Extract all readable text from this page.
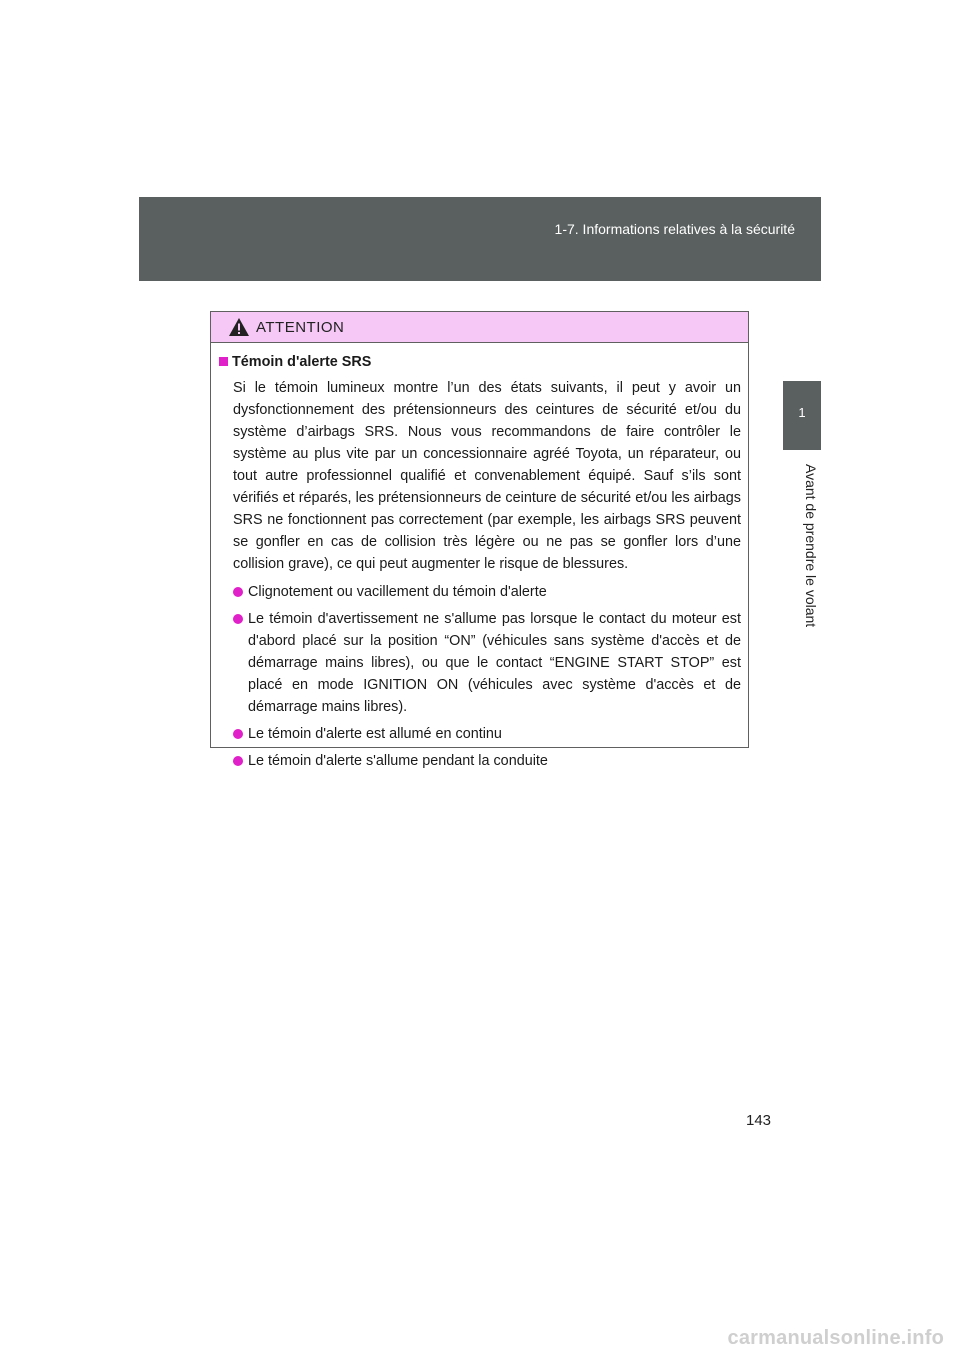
1-7. Informations relatives à la sécurité
1
Avant de prendre le volant
ATTENTION
Témoin d'alerte SRS

Si le témoin lumineux montre l’un des états suivants, il peut y avoir un dysfonctionnement des prétensionneurs des ceintures de sécurité et/ou du système d’airbags SRS. Nous vous recommandons de faire contrôler le système au plus vite par un concessionnaire agréé Toyota, un réparateur, ou tout autre professionnel qualifié et convenablement équipé. Sauf s’ils sont vérifiés et réparés, les prétensionneurs de ceinture de sécurité et/ou les airbags SRS ne fonctionnent pas correctement (par exemple, les airbags SRS peuvent se gonfler en cas de collision très légère ou ne pas se gonfler lors d’une collision grave), ce qui peut augmenter le risque de blessures.

Clignotement ou vacillement du témoin d'alerte
Le témoin d'avertissement ne s'allume pas lorsque le contact du moteur est d'abord placé sur la position “ON” (véhicules sans système d'accès et de démarrage mains libres), ou que le contact “ENGINE START STOP” est placé en mode IGNITION ON (véhicules avec système d'accès et de démarrage mains libres).
Le témoin d'alerte est allumé en continu
Le témoin d'alerte s'allume pendant la conduite
143
carmanualsonline.info
